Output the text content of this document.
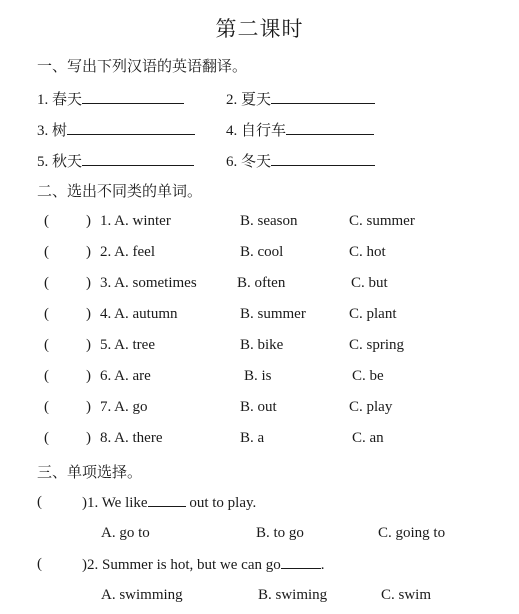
第二课时
一、写出下列汉语的英语翻译。
1. 春天	2. 夏天
3. 树	4. 自行车
5. 秋天	6. 冬天
二、选出不同类的单词。
( ) 1. A. winter	B. season	C. summer
( ) 2. A. feel	B. cool	C. hot
( ) 3. A. sometimes	B. often	C. but
( ) 4. A. autumn	B. summer	C. plant
( ) 5. A. tree	B. bike	C. spring
( ) 6. A. are	B. is	C. be
( ) 7. A. go	B. out	C. play
( ) 8. A. there	B. a	C. an
三、单项选择。
(	)1. We like	out to play.
A. go to	B. to go	C. going to
(	)2. Summer is hot, but we can go	.
A. swimming	B. swiming	C. swim
